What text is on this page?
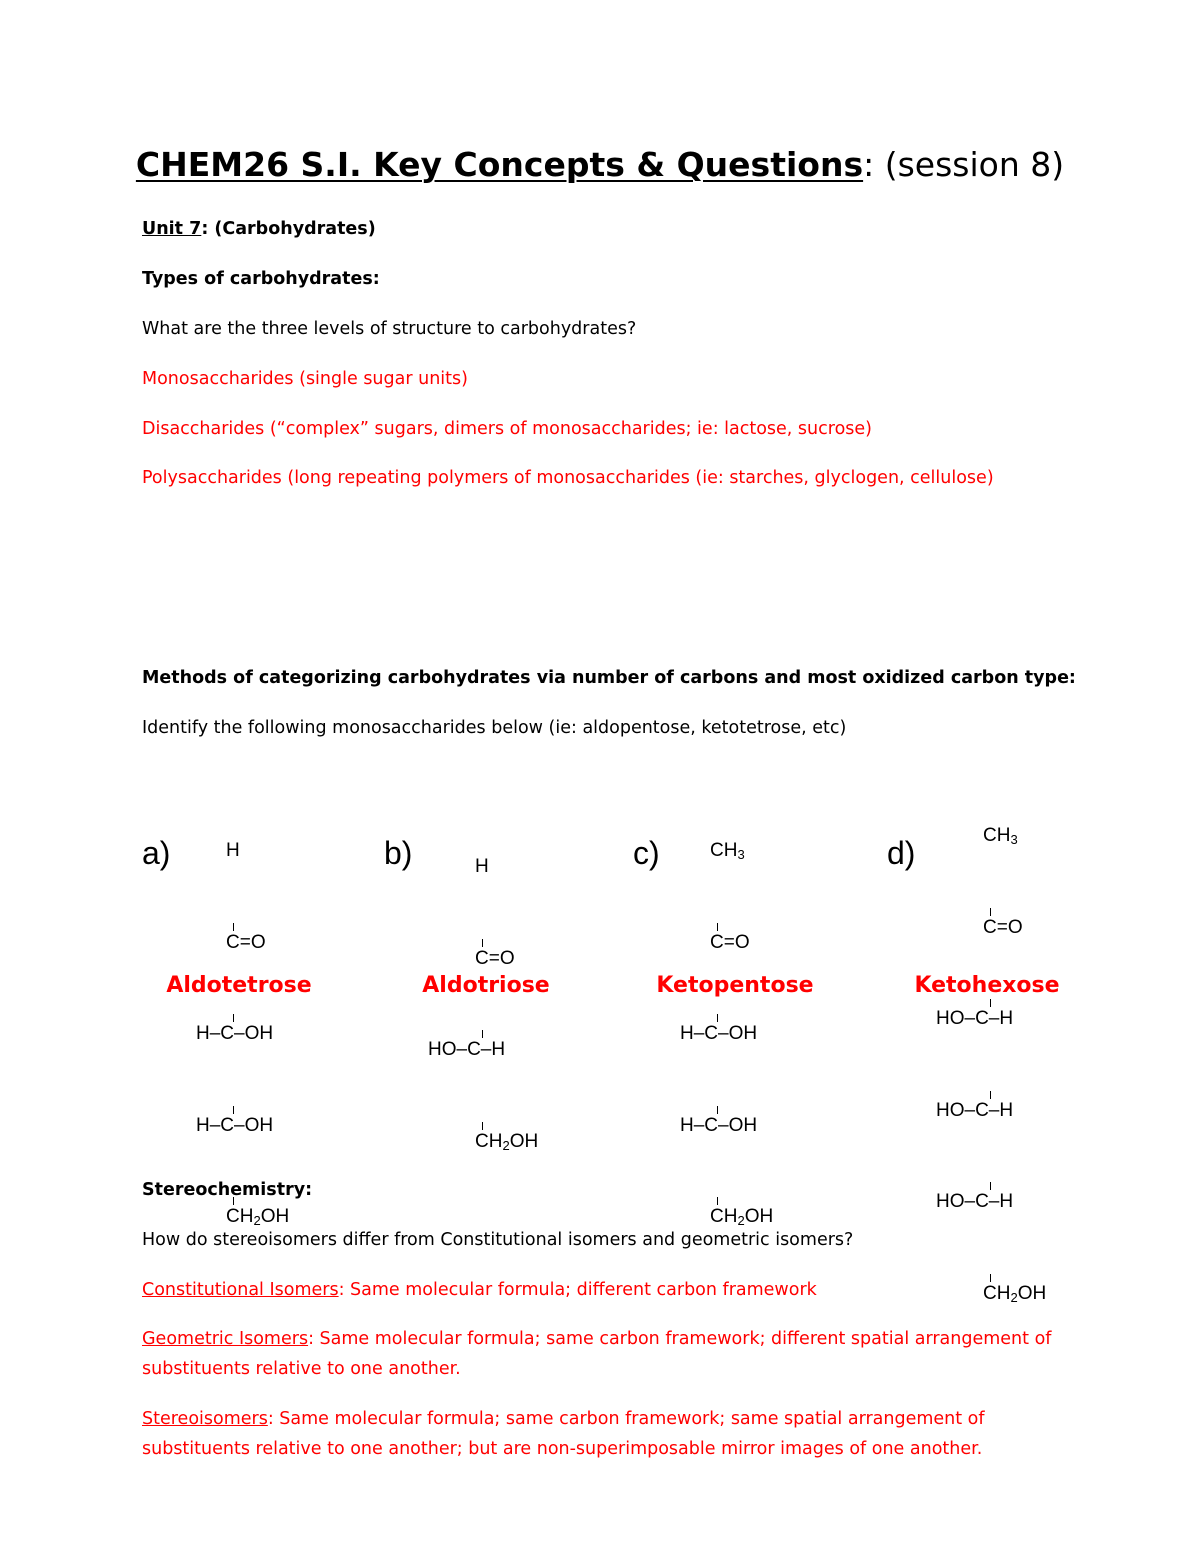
CHEM26 S.I. Key Concepts & Questions: (session 8)
Unit 7: (Carbohydrates)
Types of carbohydrates:
What are the three levels of structure to carbohydrates?
Monosaccharides (single sugar units)
Disaccharides (“complex” sugars, dimers of monosaccharides; ie: lactose, sucrose)
Polysaccharides (long repeating polymers of monosaccharides (ie: starches, glyclogen, cellulose)
Methods of categorizing carbohydrates via number of carbons and most oxidized carbon type:
Identify the following monosaccharides below (ie: aldopentose, ketotetrose, etc)
a)

	H

C=O

H–C–OH

H–C–OH

$CH_2OH$

Aldotetrose
b)

	H

C=O

HO–C–H

$CH_2OH$

Aldotriose
c)

	$CH_3$

C=O

H–C–OH

H–C–OH

$CH_2OH$

Ketopentose
d)

	$CH_3$

C=O

HO–C–H

HO–C–H

HO–C–H

$CH_2OH$

Ketohexose
Stereochemistry:
How do stereoisomers differ from Constitutional isomers and geometric isomers?
Constitutional Isomers: Same molecular formula; different carbon framework
Geometric Isomers: Same molecular formula; same carbon framework; different spatial arrangement of
substituents relative to one another.
Stereoisomers: Same molecular formula; same carbon framework; same spatial arrangement of
substituents relative to one another; but are non-superimposable mirror images of one another.
